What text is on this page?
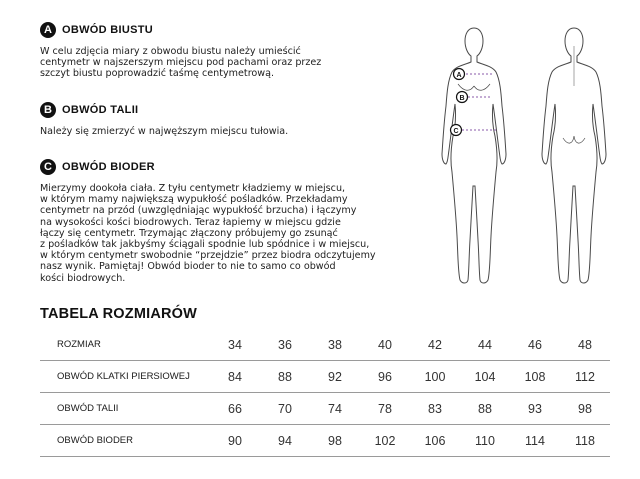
A OBWÓD BIUSTU

W celu zdjęcia miary z obwodu biustu należy umieścić
centymetr w najszerszym miejscu pod pachami oraz przez
szczyt biustu poprowadzić taśmę centymetrową.

B OBWÓD TALII

Należy się zmierzyć w najwęższym miejscu tułowia.

C OBWÓD BIODER

Mierzymy dookoła ciała. Z tyłu centymetr kładziemy w miejscu,
w którym mamy największą wypukłość pośladków. Przekładamy
centymetr na przód (uwzględniając wypukłość brzucha) i łączymy
na wysokości kości biodrowych. Teraz łapiemy w miejscu gdzie
łączy się centymetr. Trzymając złączony próbujemy go zsunąć
z pośladków tak jakbyśmy ściągali spodnie lub spódnice i w miejscu,
w którym centymetr swobodnie “przejdzie” przez biodra odczytujemy
nasz wynik. Pamiętaj! Obwód bioder to nie to samo co obwód
kości biodrowych.

A
B
C
TABELA ROZMIARÓW
ROZMIAR	34	36	38	40	42	44	46	48
OBWÓD KLATKI PIERSIOWEJ	84	88	92	96	100	104	108	112
OBWÓD TALII	66	70	74	78	83	88	93	98
OBWÓD BIODER	90	94	98	102	106	110	114	118
